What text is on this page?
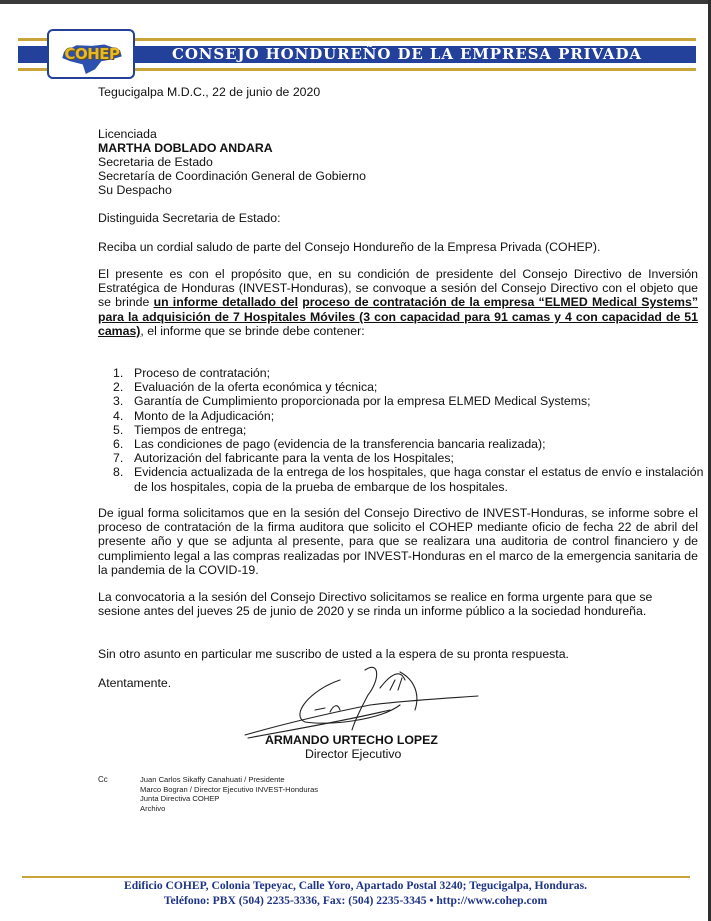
CONSEJO HONDUREÑO DE LA EMPRESA PRIVADA
COHEP
Tegucigalpa M.D.C., 22 de junio de 2020
Licenciada
MARTHA DOBLADO ANDARA
Secretaria de Estado
Secretaría de Coordinación General de Gobierno
Su Despacho
Distinguida Secretaria de Estado:
Reciba un cordial saludo de parte del Consejo Hondureño de la Empresa Privada (COHEP).
El presente es con el propósito que, en su condición de presidente del Consejo Directivo de Inversión Estratégica de Honduras (INVEST-Honduras), se convoque a sesión del Consejo Directivo con el objeto que se brinde un informe detallado del proceso de contratación de la empresa “ELMED Medical Systems” para la adquisición de 7 Hospitales Móviles (3 con capacidad para 91 camas y 4 con capacidad de 51 camas), el informe que se brinde debe contener:
1. Proceso de contratación;
2. Evaluación de la oferta económica y técnica;
3. Garantía de Cumplimiento proporcionada por la empresa ELMED Medical Systems;
4. Monto de la Adjudicación;
5. Tiempos de entrega;
6. Las condiciones de pago (evidencia de la transferencia bancaria realizada);
7. Autorización del fabricante para la venta de los Hospitales;
8. Evidencia actualizada de la entrega de los hospitales, que haga constar el estatus de envío e instalación de los hospitales, copia de la prueba de embarque de los hospitales.
De igual forma solicitamos que en la sesión del Consejo Directivo de INVEST-Honduras, se informe sobre el proceso de contratación de la firma auditora que solicito el COHEP mediante oficio de fecha 22 de abril del presente año y que se adjunta al presente, para que se realizara una auditoria de control financiero y de cumplimiento legal a las compras realizadas por INVEST-Honduras en el marco de la emergencia sanitaria de la pandemia de la COVID-19.
La convocatoria a la sesión del Consejo Directivo solicitamos se realice en forma urgente para que se sesione antes del jueves 25 de junio de 2020 y se rinda un informe público a la sociedad hondureña.
Sin otro asunto en particular me suscribo de usted a la espera de su pronta respuesta.
Atentamente.
ARMANDO URTECHO LOPEZ
Director Ejecutivo
Cc	Juan Carlos Sikaffy Canahuati / Presidente
Marco Bogran / Director Ejecutivo INVEST-Honduras
Junta Directiva COHEP
Archivo
Edificio COHEP, Colonia Tepeyac, Calle Yoro, Apartado Postal 3240; Tegucigalpa, Honduras.
Teléfono: PBX (504) 2235-3336, Fax: (504) 2235-3345 • http://www.cohep.com
